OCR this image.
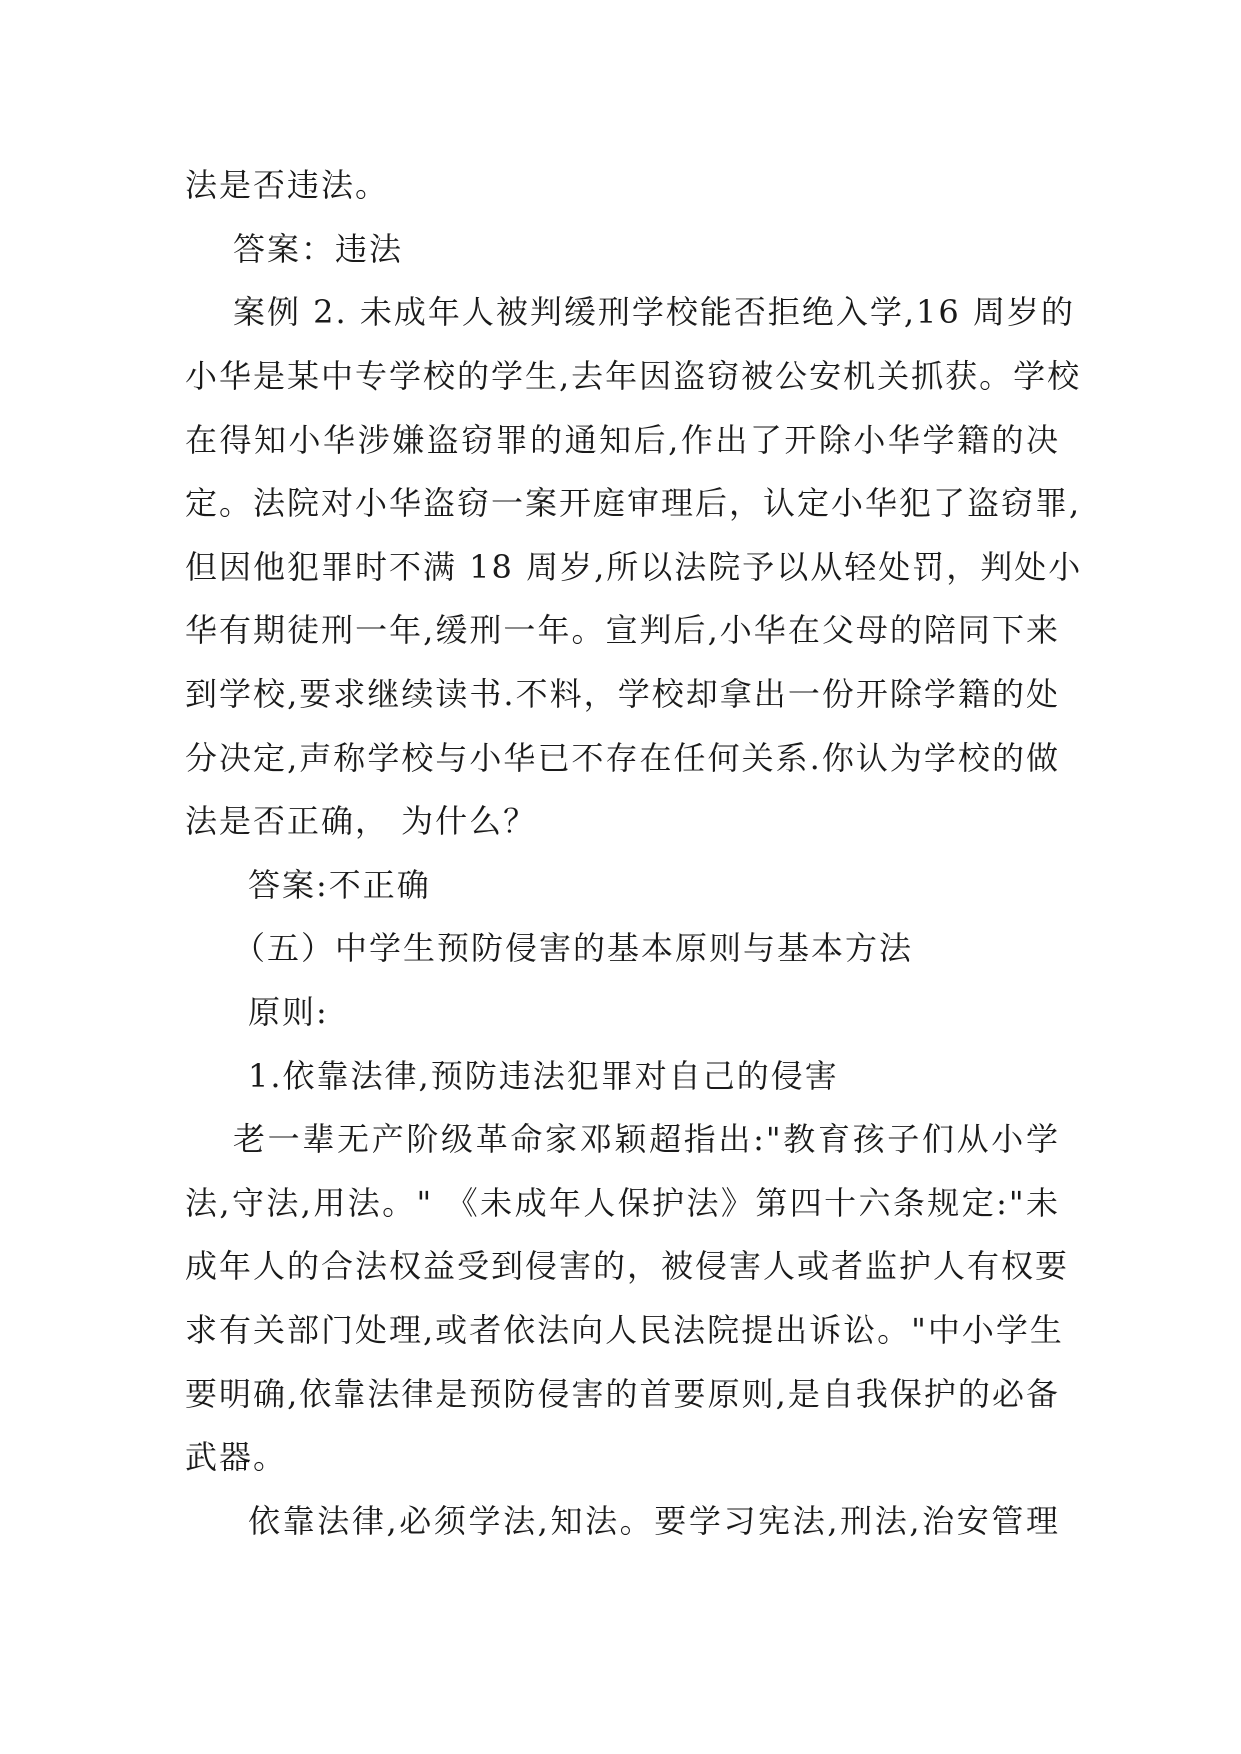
法是否违法。
答案：违法
案例 2. 未成年人被判缓刑学校能否拒绝入学,16 周岁的
小华是某中专学校的学生,去年因盗窃被公安机关抓获。学校
在得知小华涉嫌盗窃罪的通知后,作出了开除小华学籍的决
定。法院对小华盗窃一案开庭审理后，认定小华犯了盗窃罪,
但因他犯罪时不满 18 周岁,所以法院予以从轻处罚，判处小
华有期徒刑一年,缓刑一年。宣判后,小华在父母的陪同下来
到学校,要求继续读书.不料，学校却拿出一份开除学籍的处
分决定,声称学校与小华已不存在任何关系.你认为学校的做
法是否正确， 为什么？
答案:不正确
（五）中学生预防侵害的基本原则与基本方法
原则:
1.依靠法律,预防违法犯罪对自己的侵害
老一辈无产阶级革命家邓颖超指出:"教育孩子们从小学
法,守法,用法。" 《未成年人保护法》第四十六条规定:"未
成年人的合法权益受到侵害的，被侵害人或者监护人有权要
求有关部门处理,或者依法向人民法院提出诉讼。"中小学生
要明确,依靠法律是预防侵害的首要原则,是自我保护的必备
武器。
依靠法律,必须学法,知法。要学习宪法,刑法,治安管理
